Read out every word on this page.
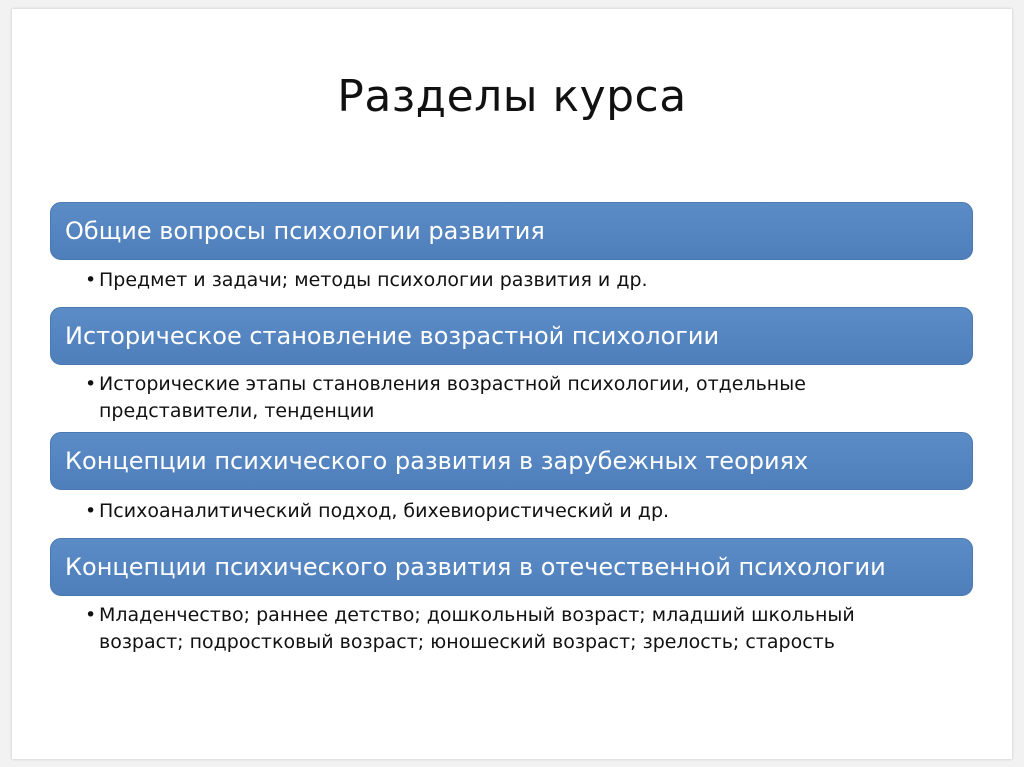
Разделы курса
Общие вопросы психологии развития
• Предмет и задачи; методы психологии развития и др.
Историческое становление возрастной психологии
• Исторические этапы становления возрастной психологии, отдельные представители, тенденции
Концепции психического развития в зарубежных теориях
• Психоаналитический подход, бихевиористический и др.
Концепции психического развития в отечественной психологии
• Младенчество; раннее детство; дошкольный возраст; младший школьный возраст; подростковый возраст; юношеский возраст; зрелость; старость
